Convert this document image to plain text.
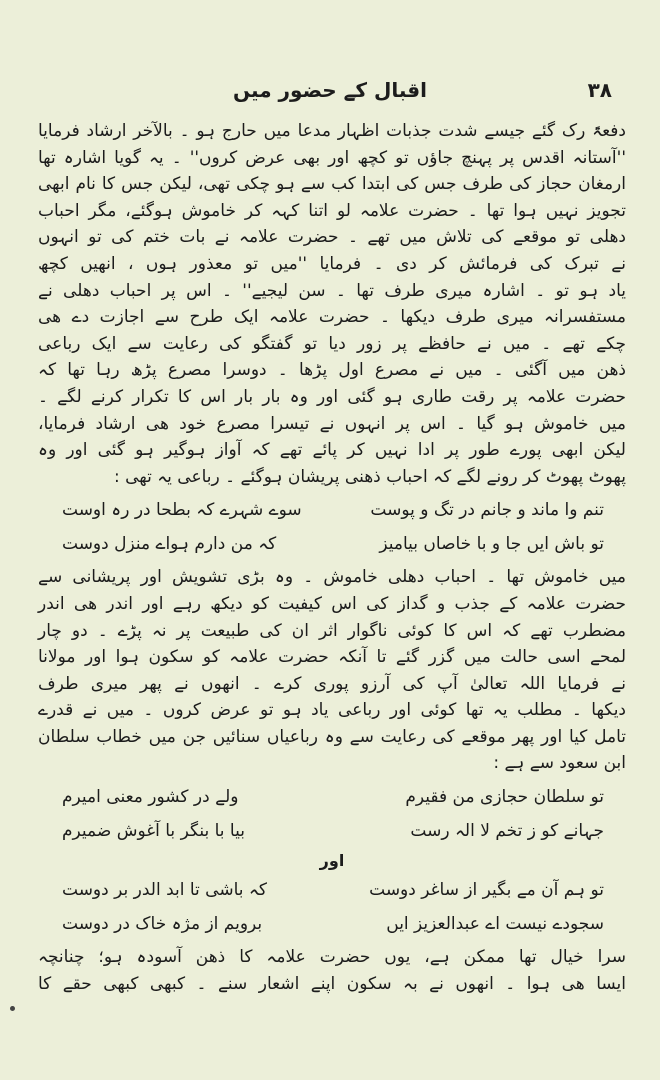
٣٨
اقبال کے حضور میں

دفعۃً رک گئے جیسے شدت جذبات اظہار مدعا میں حارج ہو ۔ بالآخر ارشاد فرمایا

''آستانہ اقدس پر پہنچ جاؤں تو کچھ اور بھی عرض کروں'' ۔ یہ گویا اشارہ تھا

ارمغان حجاز کی طرف جس کی ابتدا کب سے ہو چکی تھی، لیکن جس کا نام ابھی

تجویز نہیں ہوا تھا ۔ حضرت علامہ لو اتنا کہہ کر خاموش ہوگئے، مگر احباب

دھلی تو موقعے کی تلاش میں تھے ۔ حضرت علامہ نے بات ختم کی تو انہوں

نے تبرک کی فرمائش کر دی ۔ فرمایا ''میں تو معذور ہوں ، انھیں کچھ

یاد ہو تو ۔ اشارہ میری طرف تھا ۔ سن لیجیے'' ۔ اس پر احباب دھلی نے

مستفسرانہ میری طرف دیکھا ۔ حضرت علامہ ایک طرح سے اجازت دے ھی

چکے تھے ۔ میں نے حافظے پر زور دیا تو گفتگو کی رعایت سے ایک رباعی

ذھن میں آگئی ۔ میں نے مصرع اول پڑھا ۔ دوسرا مصرع پڑھ رہا تھا کہ

حضرت علامہ پر رقت طاری ہو گئی اور وہ بار بار اس کا تکرار کرنے لگے ۔

میں خاموش ہو گیا ۔ اس پر انہوں نے تیسرا مصرع خود ھی ارشاد فرمایا،

لیکن ابھی پورے طور پر ادا نہیں کر پائے تھے کہ آواز ہوگیر ہو گئی اور وہ

پھوٹ پھوٹ کر رونے لگے کہ احباب ذھنی پریشان ہوگئے ۔ رباعی یہ تھی :

تنم وا ماند و جانم در تگ و پوست
سوے شہرے کہ بطحا در رہ اوست
تو باش ایں جا و با خاصاں بیامیز
کہ من دارم ہواے منزل دوست

میں خاموش تھا ۔ احباب دھلی خاموش ۔ وہ بڑی تشویش اور پریشانی سے

حضرت علامہ کے جذب و گداز کی اس کیفیت کو دیکھ رہے اور اندر ھی اندر

مضطرب تھے کہ اس کا کوئی ناگوار اثر ان کی طبیعت پر نہ پڑے ۔ دو چار

لمحے اسی حالت میں گزر گئے تا آنکہ حضرت علامہ کو سکون ہوا اور مولانا

نے فرمایا اللہ تعالیٰ آپ کی آرزو پوری کرے ۔ انھوں نے پھر میری طرف

دیکھا ۔ مطلب یہ تھا کوئی اور رباعی یاد ہو تو عرض کروں ۔ میں نے قدرے

تامل کیا اور پھر موقعے کی رعایت سے وہ رباعیاں سنائیں جن میں خطاب سلطان

ابن سعود سے ہے :

تو سلطان حجازی من فقیرم
ولے در کشور معنی امیرم
جہانے کو ز تخم لا الہ رست
بیا با بنگر با آغوش ضمیرم
اور
تو ہم آن مے بگیر از ساغر دوست
کہ باشی تا ابد الدر بر دوست
سجودے نیست اے عبدالعزیز ایں
برویم از مژہ خاک در دوست

سرا خیال تھا ممکن ہے، یوں حضرت علامہ کا ذھن آسودہ ہو؛ چنانچہ

ایسا ھی ہوا ۔ انھوں نے بہ سکون اپنے اشعار سنے ۔ کبھی کبھی حقے کا
